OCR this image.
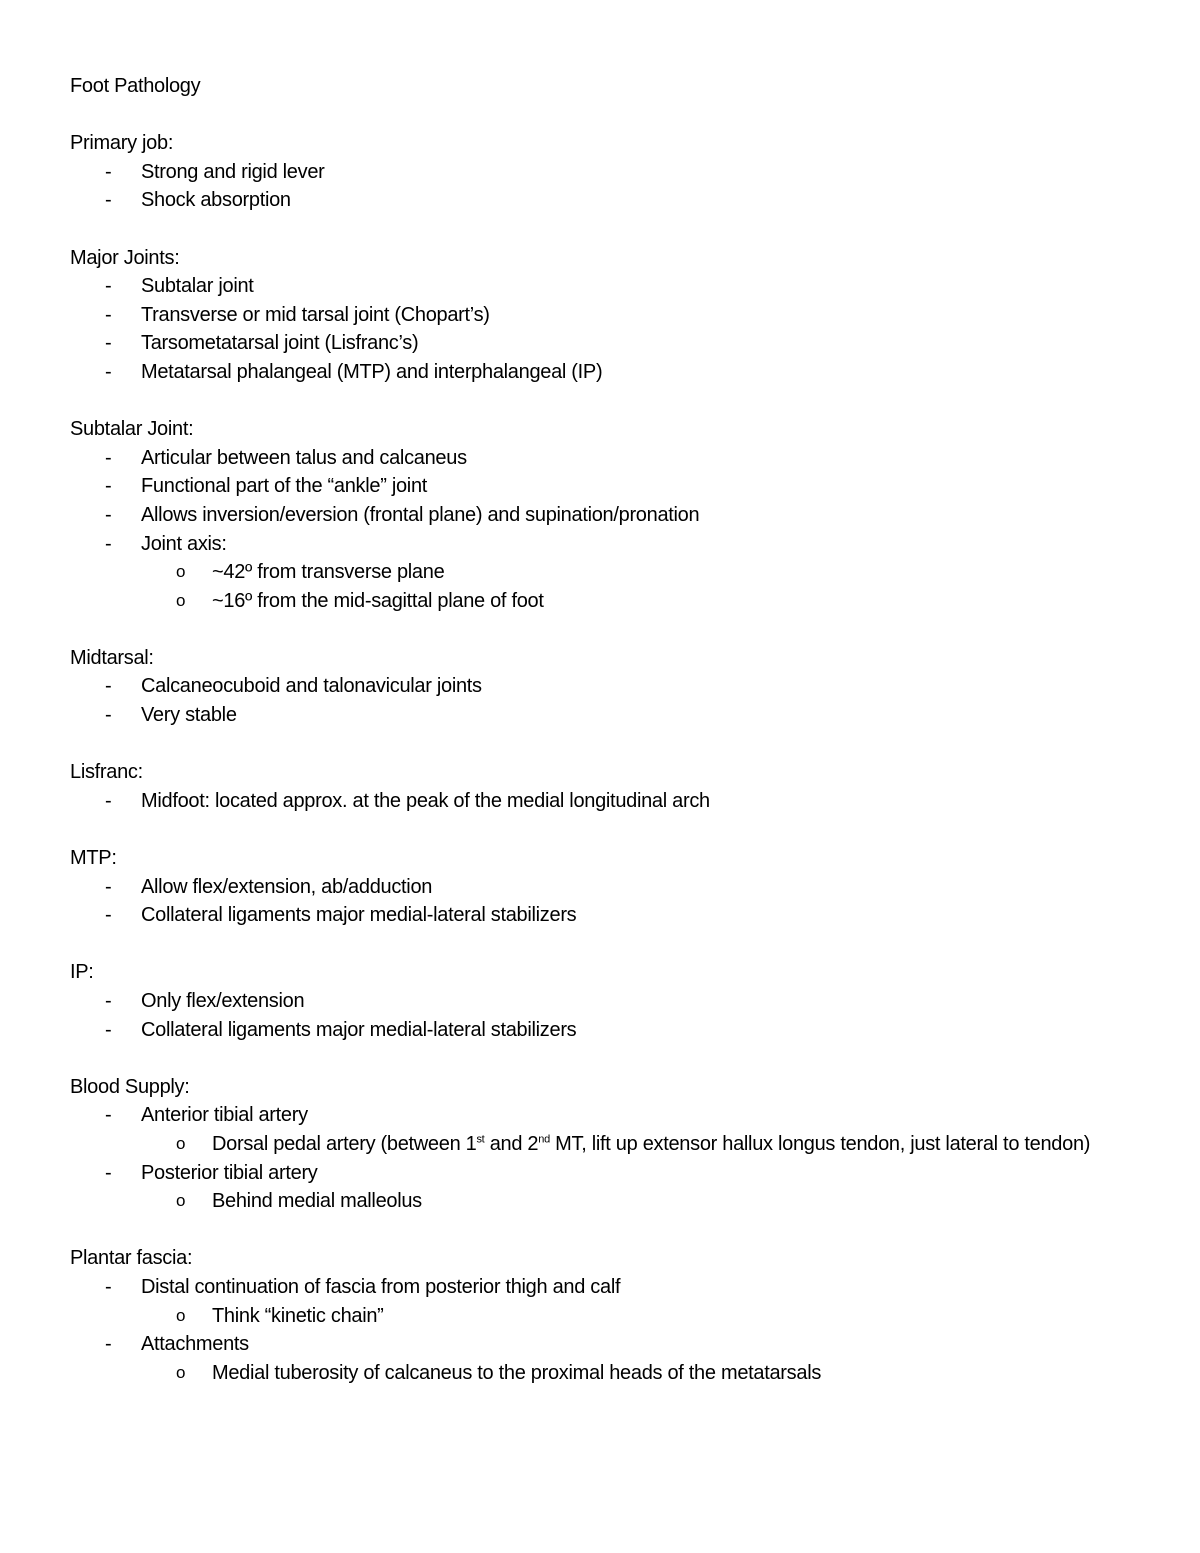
Foot Pathology
Primary job:
-	Strong and rigid lever
-	Shock absorption
Major Joints:
-	Subtalar joint
-	Transverse or mid tarsal joint (Chopart’s)
-	Tarsometatarsal joint (Lisfranc’s)
-	Metatarsal phalangeal (MTP) and interphalangeal (IP)
Subtalar Joint:
-	Articular between talus and calcaneus
-	Functional part of the “ankle” joint
-	Allows inversion/eversion (frontal plane) and supination/pronation
-	Joint axis:
o	~42º from transverse plane
o	~16º from the mid-sagittal plane of foot
Midtarsal:
-	Calcaneocuboid and talonavicular joints
-	Very stable
Lisfranc:
-	Midfoot: located approx. at the peak of the medial longitudinal arch
MTP:
-	Allow flex/extension, ab/adduction
-	Collateral ligaments major medial-lateral stabilizers
IP:
-	Only flex/extension
-	Collateral ligaments major medial-lateral stabilizers
Blood Supply:
-	Anterior tibial artery
o	Dorsal pedal artery (between 1st and 2nd MT, lift up extensor hallux longus tendon, just lateral to tendon)
-	Posterior tibial artery
o	Behind medial malleolus
Plantar fascia:
-	Distal continuation of fascia from posterior thigh and calf
o	Think “kinetic chain”
-	Attachments
o	Medial tuberosity of calcaneus to the proximal heads of the metatarsals
